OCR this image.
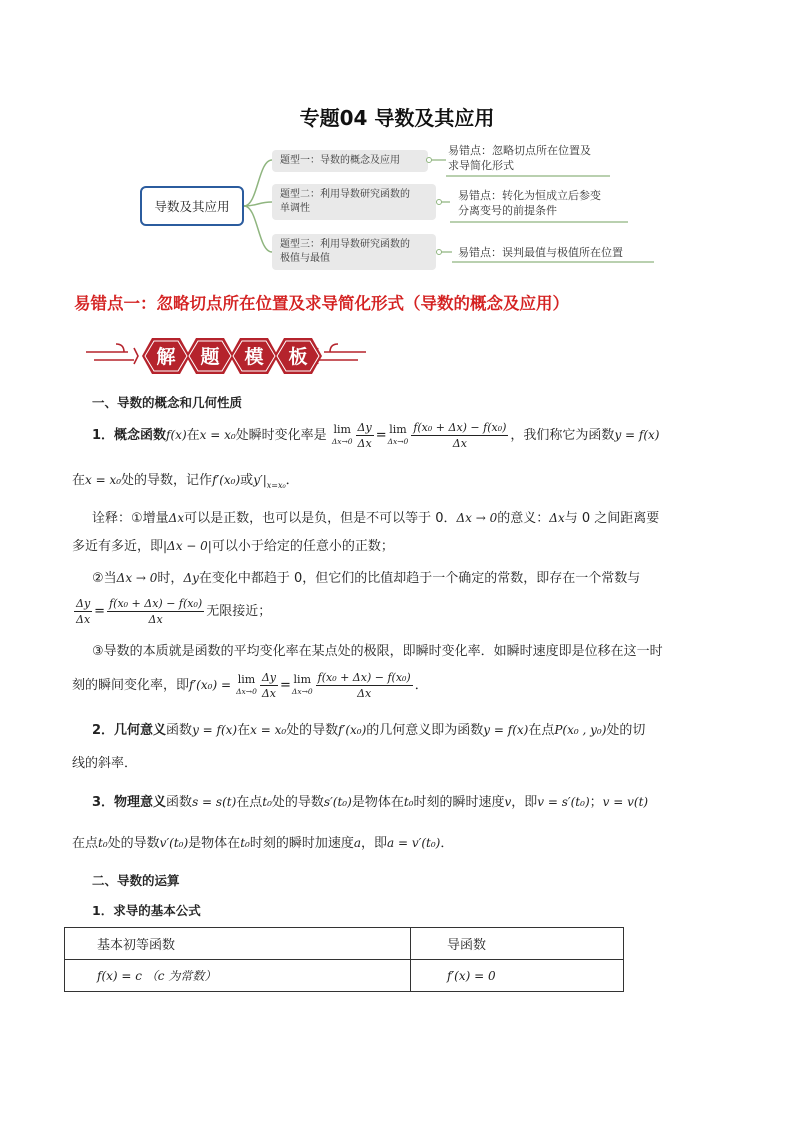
专题04 导数及其应用
导数及其应用
题型一：导数的概念及应用
题型二：利用导数研究函数的
单调性
题型三：利用导数研究函数的
极值与最值
易错点：忽略切点所在位置及
求导简化形式
易错点：转化为恒成立后参变
分离变号的前提条件
易错点：误判最值与极值所在位置
易错点一：忽略切点所在位置及求导简化形式（导数的概念及应用）
解 题 模 板
一、导数的概念和几何性质
1．概念函数f(x)在x = x₀处瞬时变化率是 lim
$\Delta x\to 0 \frac{\Delta y}{\Delta x} = \lim$
$\Delta x\to 0 \frac{\text{f(x₀ + Δx) − f(x₀)}}{\Delta x}$ ，我们称它为函数y = f(x)
在x = x₀处的导数，记作f′(x₀)或$y'|_{x=x_0}$．
诠释：①增量Δx可以是正数，也可以是负，但是不可以等于 0．Δx → 0的意义：Δx与 0 之间距离要
多近有多近，即|Δx − 0|可以小于给定的任意小的正数；
②当Δx → 0时，Δy在变化中都趋于 0，但它们的比值却趋于一个确定的常数，即存在一个常数与
$\frac{\Delta y}{\Delta x} = \frac{\text{f(x₀ + Δx) − f(x₀)}}{\Delta x}$ 无限接近；
③导数的本质就是函数的平均变化率在某点处的极限，即瞬时变化率．如瞬时速度即是位移在这一时
刻的瞬间变化率，即f′(x₀) = lim
$\Delta x\to 0 \frac{\Delta y}{\Delta x} = \lim$
$\Delta x\to 0 \frac{\text{f(x₀ + Δx) − f(x₀)}}{\Delta x}$ ．
2．几何意义函数y = f(x)在x = x₀处的导数f′(x₀)的几何意义即为函数y = f(x)在点P(x₀ , y₀)处的切
线的斜率．
3．物理意义函数s = s(t)在点t₀处的导数s′(t₀)是物体在t₀时刻的瞬时速度v，即v = s′(t₀)；v = v(t)
在点t₀处的导数v′(t₀)是物体在t₀时刻的瞬时加速度a，即a = v′(t₀)．
二、导数的运算
1．求导的基本公式
基本初等函数	导函数
f(x) = c （c 为常数）	f′(x) = 0
